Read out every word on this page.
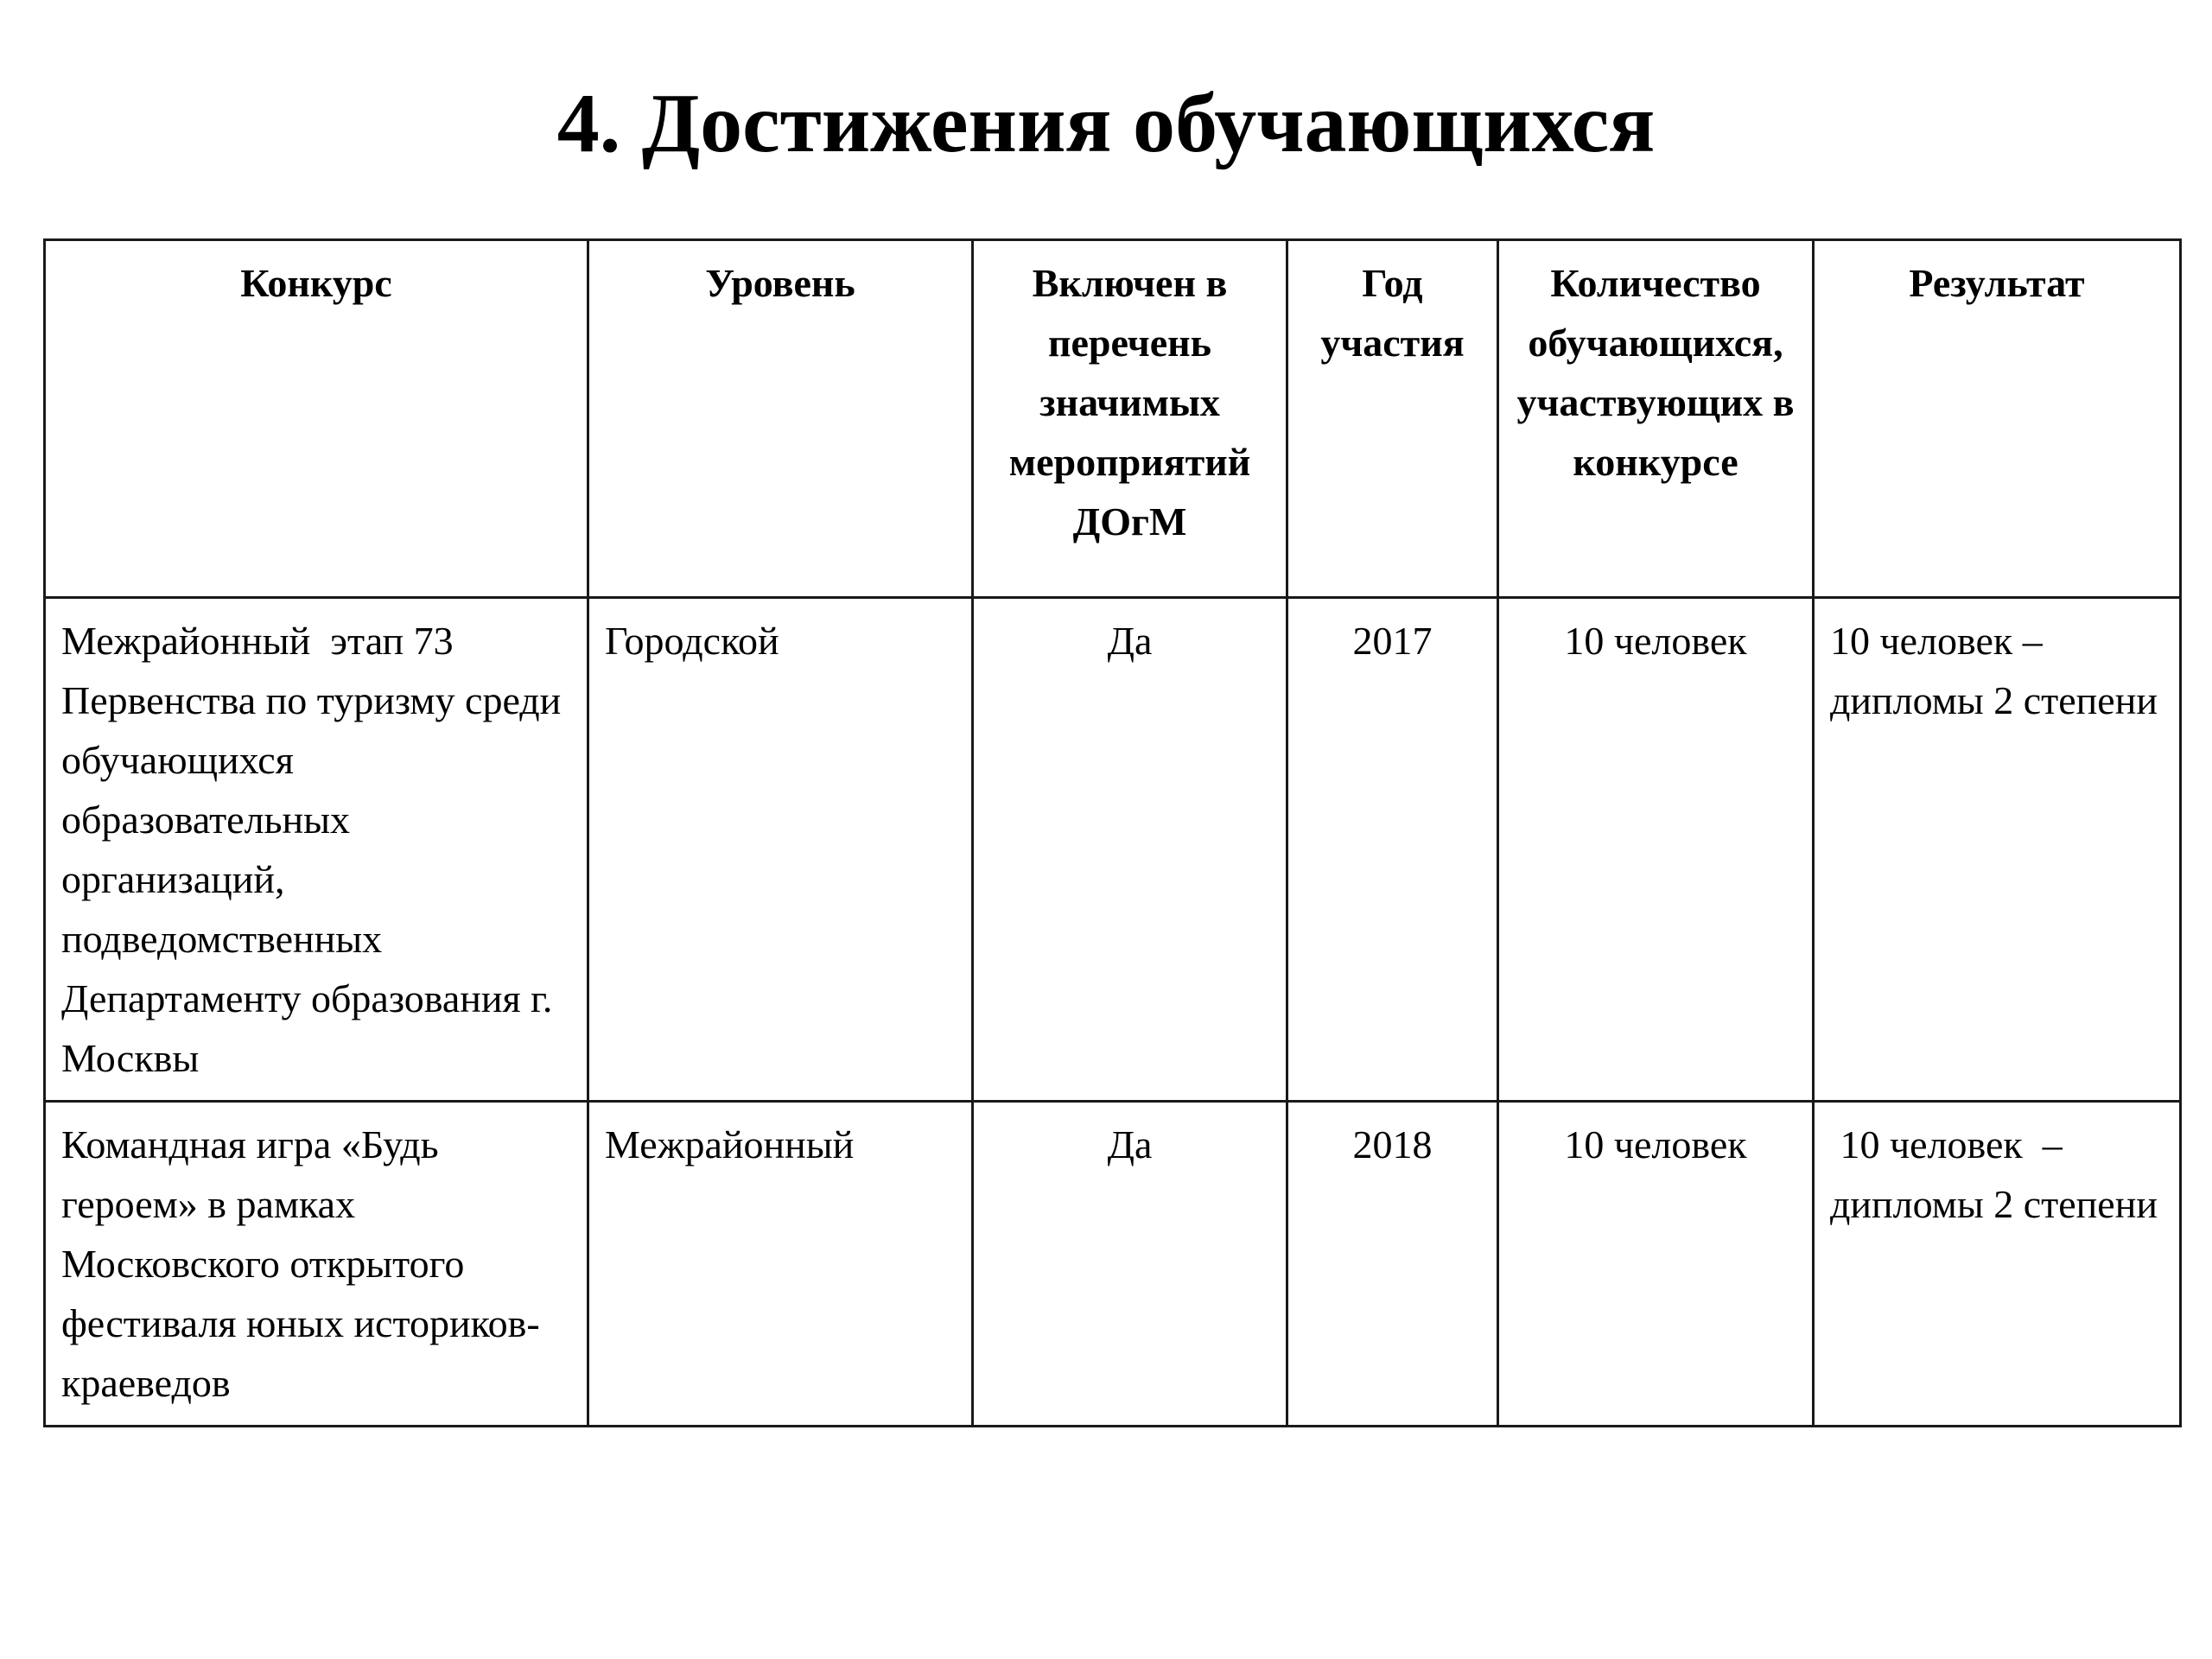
4. Достижения обучающихся
Конкурс	Уровень	Включен в перечень значимых мероприятий ДОгМ	Год участия	Количество обучающихся, участвующих в конкурсе	Результат
Межрайонный  этап 73 Первенства по туризму среди обучающихся образовательных организаций, подведомственных Департаменту образования г. Москвы	Городской	Да	2017	10 человек	10 человек – дипломы 2 степени
Командная игра «Будь героем» в рамках Московского открытого фестиваля юных историков-краеведов	Межрайонный	Да	2018	10 человек	10 человек  – дипломы 2 степени
